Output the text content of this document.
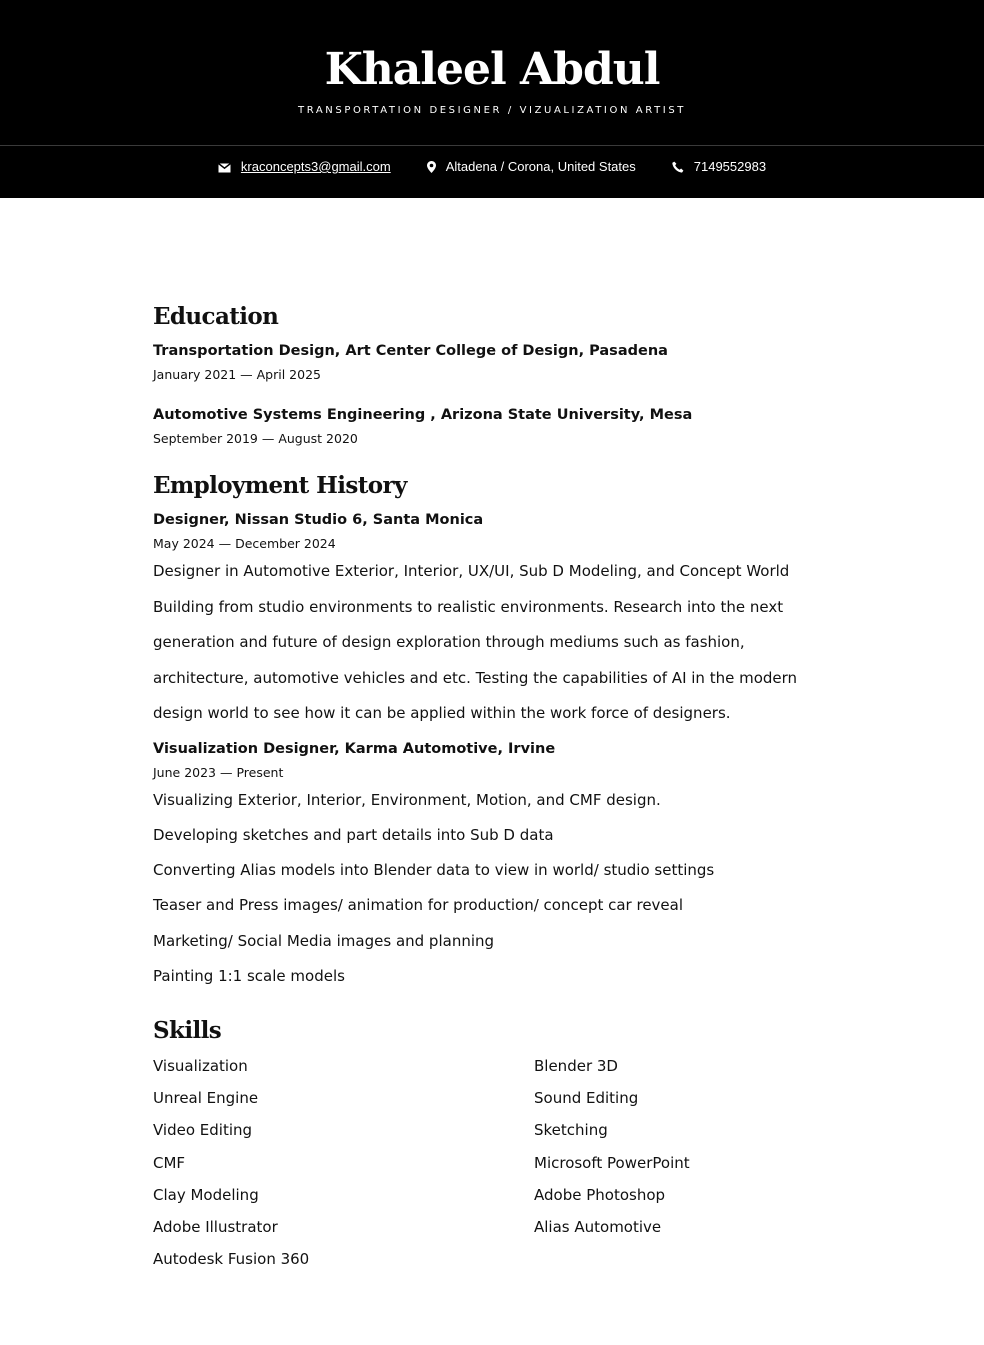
Khaleel Abdul
TRANSPORTATION DESIGNER / VIZUALIZATION ARTIST
kraconcepts3@gmail.com	Altadena / Corona, United States	7149552983
Education
Transportation Design, Art Center College of Design, Pasadena
January 2021 — April 2025
Automotive Systems Engineering , Arizona State University, Mesa
September 2019 — August 2020
Employment History
Designer, Nissan Studio 6, Santa Monica
May 2024 — December 2024

Designer in Automotive Exterior, Interior, UX/UI, Sub D Modeling, and Concept World

Building from studio environments to realistic environments. Research into the next

generation and future of design exploration through mediums such as fashion,

architecture, automotive vehicles and etc. Testing the capabilities of AI in the modern

design world to see how it can be applied within the work force of designers.

Visualization Designer, Karma Automotive, Irvine
June 2023 — Present

Visualizing Exterior, Interior, Environment, Motion, and CMF design.

Developing sketches and part details into Sub D data

Converting Alias models into Blender data to view in world/ studio settings

Teaser and Press images/ animation for production/ concept car reveal

Marketing/ Social Media images and planning

Painting 1:1 scale models

Skills
Visualization	Blender 3D
Unreal Engine	Sound Editing
Video Editing	Sketching
CMF	Microsoft PowerPoint
Clay Modeling	Adobe Photoshop
Adobe Illustrator	Alias Automotive
Autodesk Fusion 360
